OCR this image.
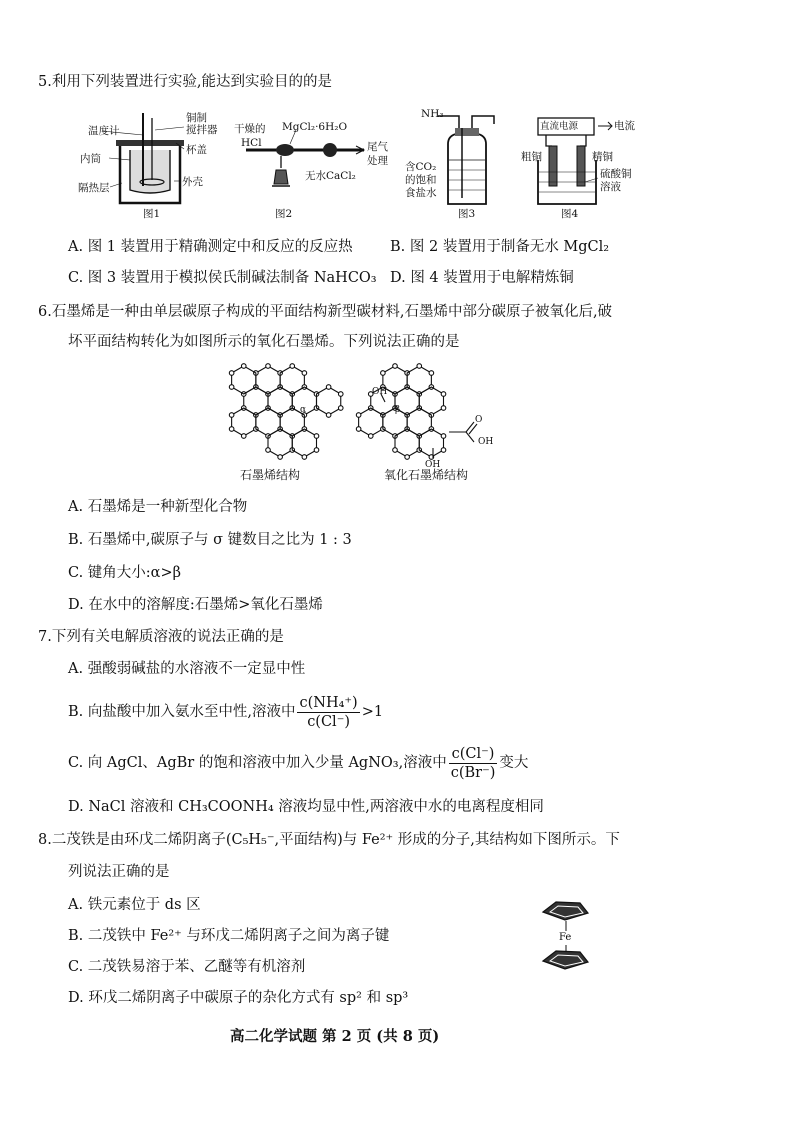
5.利用下列装置进行实验,能达到实验目的的是
温度计
铜制
搅拌器
杯盖
内筒
隔热层	外壳
图1
干燥的
HCl
MgCl₂·6H₂O
尾气
处理
无水CaCl₂
图2
NH₃
含CO₂
的饱和
食盐水
图3
直流电源	电流
粗铜	精铜
硫酸铜
溶液
图4
A. 图 1 装置用于精确测定中和反应的反应热	B. 图 2 装置用于制备无水 MgCl₂
C. 图 3 装置用于模拟侯氏制碱法制备 NaHCO₃ D. 图 4 装置用于电解精炼铜
6.石墨烯是一种由单层碳原子构成的平面结构新型碳材料,石墨烯中部分碳原子被氧化后,破
坏平面结构转化为如图所示的氧化石墨烯。下列说法正确的是
α	β
OH
O
OH
OH
石墨烯结构	氧化石墨烯结构
A. 石墨烯是一种新型化合物
B. 石墨烯中,碳原子与 σ 键数目之比为 1 : 3
C. 键角大小:α>β
D. 在水中的溶解度:石墨烯>氧化石墨烯
7.下列有关电解质溶液的说法正确的是
A. 强酸弱碱盐的水溶液不一定显中性
B. 向盐酸中加入氨水至中性,溶液中 $\frac{\text{c(NH₄⁺)}}{c(Cl^-)} >1$
C. 向 AgCl、AgBr 的饱和溶液中加入少量 AgNO₃,溶液中 $\frac{c(Cl^-)}{c(Br^-)}$ 变大
D. NaCl 溶液和 CH₃COONH₄ 溶液均显中性,两溶液中水的电离程度相同
8.二茂铁是由环戊二烯阴离子(C₅H₅⁻,平面结构)与 Fe²⁺ 形成的分子,其结构如下图所示。下
列说法正确的是
A. 铁元素位于 ds 区
B. 二茂铁中 Fe²⁺ 与环戊二烯阴离子之间为离子键
C. 二茂铁易溶于苯、乙醚等有机溶剂
D. 环戊二烯阴离子中碳原子的杂化方式有 sp² 和 sp³
Fe
高二化学试题 第 2 页 (共 8 页)
